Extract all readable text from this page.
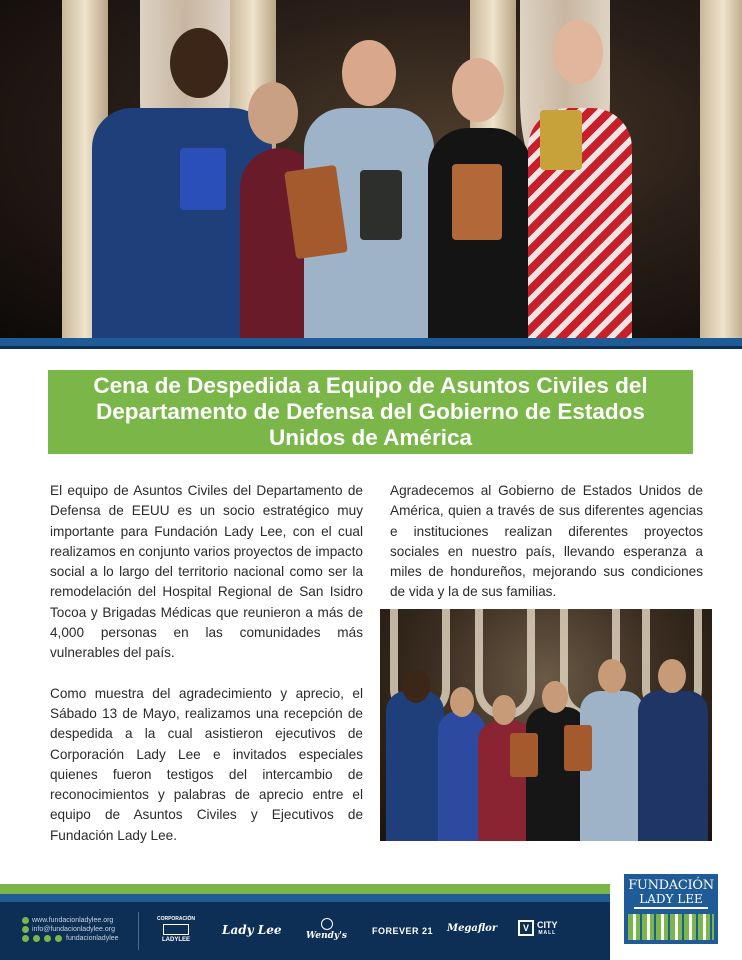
Cena de Despedida a Equipo de Asuntos Civiles del Departamento de Defensa del Gobierno de Estados Unidos de América

El equipo de Asuntos Civiles del Departamento de Defensa de EEUU es un socio estratégico muy importante para Fundación Lady Lee, con el cual realizamos en conjunto varios proyectos de impacto social a lo largo del territorio nacional como ser la remodelación del Hospital Regional de San Isidro Tocoa y Brigadas Médicas que reunieron a más de 4,000 personas en las comunidades más vulnerables del país.

Como muestra del agradecimiento y aprecio, el Sábado 13 de Mayo, realizamos una recepción de despedida a la cual asistieron ejecutivos de Corporación Lady Lee e invitados especiales quienes fueron testigos del intercambio de reconocimientos y palabras de aprecio entre el equipo de Asuntos Civiles y Ejecutivos de Fundación Lady Lee.

Agradecemos al Gobierno de Estados Unidos de América, quien a través de sus diferentes agencias e instituciones realizan diferentes proyectos sociales en nuestro país, llevando esperanza a miles de hondureños, mejorando sus condiciones de vida y la de sus familias.

www.fundacionladylee.org
info@fundacionladylee.org
fundacionladylee
CORPORACIÓN
LADYLEE
Lady Lee	Wendy's	FOREVER 21 Megaflor	V CITY
MALL
FUNDACIÓN
LADY LEE
